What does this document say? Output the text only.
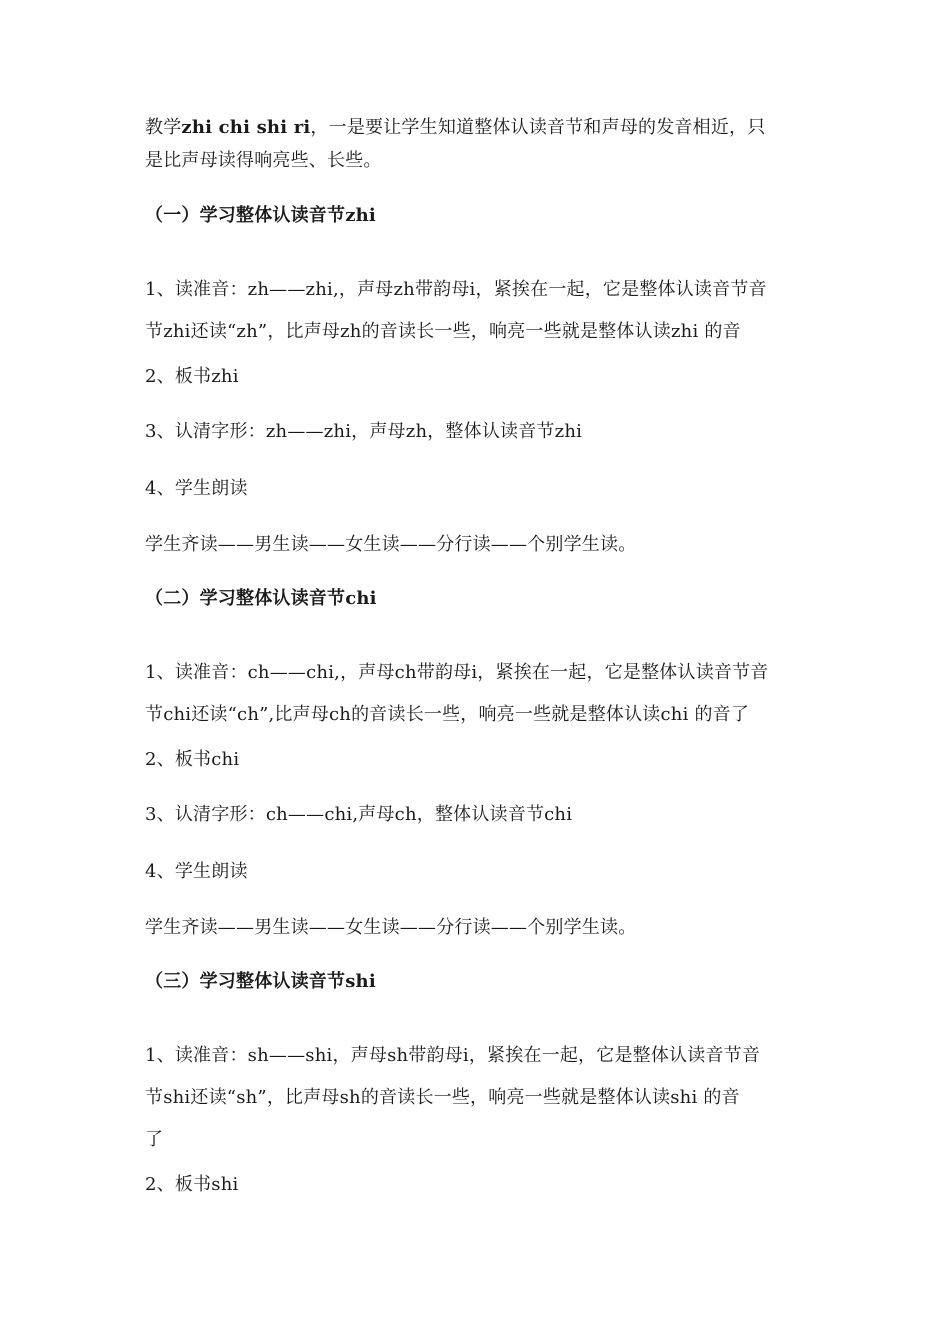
教学zhi chi shi ri，一是要让学生知道整体认读音节和声母的发音相近，只
是比声母读得响亮些、长些。
（一）学习整体认读音节zhi
1、读准音：zh——zhi,，声母zh带韵母i，紧挨在一起，它是整体认读音节音
节zhi还读“zh”，比声母zh的音读长一些，响亮一些就是整体认读zhi 的音
2、板书zhi
3、认清字形：zh——zhi，声母zh，整体认读音节zhi
4、学生朗读
学生齐读——男生读——女生读——分行读——个别学生读。
（二）学习整体认读音节chi
1、读准音：ch——chi,，声母ch带韵母i，紧挨在一起，它是整体认读音节音
节chi还读“ch”,比声母ch的音读长一些，响亮一些就是整体认读chi 的音了
2、板书chi
3、认清字形：ch——chi,声母ch，整体认读音节chi
4、学生朗读
学生齐读——男生读——女生读——分行读——个别学生读。
（三）学习整体认读音节shi
1、读准音：sh——shi，声母sh带韵母i，紧挨在一起，它是整体认读音节音
节shi还读“sh”，比声母sh的音读长一些，响亮一些就是整体认读shi 的音
了
2、板书shi
